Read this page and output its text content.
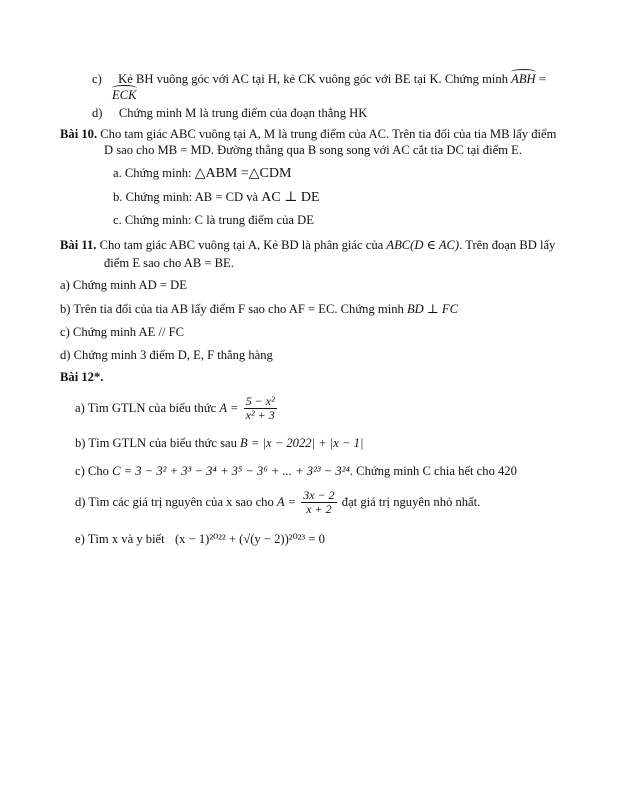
c) Kẻ BH vuông góc với AC tại H, kẻ CK vuông góc với BE tại K. Chứng minh ABH =
ECK
d) Chứng minh M là trung điểm của đoạn thẳng HK
Bài 10. Cho tam giác ABC vuông tại A, M là trung điểm của AC. Trên tia đối của tia MB lấy điểm
D sao cho MB = MD. Đường thẳng qua B song song với AC cắt tia DC tại điểm E.
a. Chứng minh: △ABM =△CDM
b. Chứng minh: AB = CD và AC ⊥ DE
c. Chứng minh: C là trung điểm của DE
Bài 11. Cho tam giác ABC vuông tại A, Kẻ BD là phân giác của ABC(D ∈ AC). Trên đoạn BD lấy
điểm E sao cho AB = BE.
a) Chứng minh AD = DE
b) Trên tia đối của tia AB lấy điểm F sao cho AF = EC. Chứng minh BD ⊥ FC
c) Chứng minh AE // FC
d) Chứng minh 3 điểm D, E, F thẳng hàng
Bài 12*.
a) Tìm GTLN của biểu thức $A = \frac{\text{5 − x²}}{\text{x² + 3}}$
b) Tìm GTLN của biểu thức sau B = |x − 2022| + |x − 1|
c) Cho C = 3 − 3² + 3³ − 3⁴ + 3⁵ − 3⁶ + ... + 3²³ − 3²⁴. Chứng minh C chia hết cho 420
d) Tìm các giá trị nguyên của x sao cho $A = \frac{3x - 2}{x + 2}$ đạt giá trị nguyên nhỏ nhất.
e) Tìm x và y biết (x − 1)²⁰²² + (√(y − 2))²⁰²³ = 0
